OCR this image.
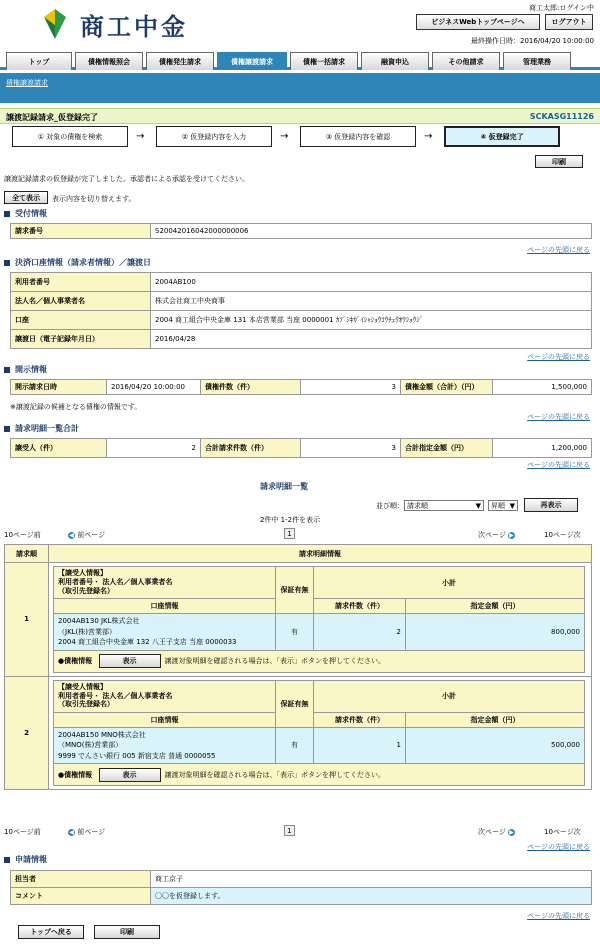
商工中金
商工太郎:ログイン中
ビジネスWebトップページへ	ログアウト
最終操作日時：2016/04/20 10:00:00
トップ	債権情報照会	債権発生請求	債権譲渡請求	債権一括請求	融資申込	その他請求	管理業務
債権譲渡請求
譲渡記録請求_仮登録完了	SCKASG11126
① 対象の債権を検索	→	② 仮登録内容を入力	→	③ 仮登録内容を確認	→	④ 仮登録完了
印刷
譲渡記録請求の仮登録が完了しました。承認者による承認を受けてください。
全て表示	表示内容を切り替えます。
受付情報
請求番号	S20042016042000000006
ページの先頭に戻る
決済口座情報（請求者情報）／譲渡日
利用者番号	2004AB100
法人名／個人事業者名	株式会社商工中央商事
口座	2004 商工組合中央金庫 131 本店営業部 当座 0000001 ｶﾌﾞｼｷｶﾞｲｼｬｼｮｳｺｳﾁｭｳｵｳｼｮｳｼﾞ
譲渡日（電子記録年月日）	2016/04/28
ページの先頭に戻る
開示情報
開示請求日時	2016/04/20 10:00:00	債権件数（件）	3	債権金額（合計）（円）	1,500,000
※譲渡記録の候補となる債権の情報です。
ページの先頭に戻る
請求明細一覧合計
譲受人（件）	2	合計請求件数（件）	3	合計指定金額（円）	1,200,000
ページの先頭に戻る
請求明細一覧
並び順： 請求順	▼ 昇順 ▼	再表示
2件中 1-2件を表示
10ページ前	◀ 前ページ	1	次ページ ▶	10ページ次
請求順	請求明細情報
1	
【譲受人情報】
利用者番号・ 法人名／個人事業者名
（取引先登録名）	保証有無	小計
口座情報	請求件数（件）	指定金額（円）
2004AB130 JKL株式会社
（JKL(株)営業部）
2004 商工組合中央金庫 132 八王子支店 当座 0000033	有	2	800,000
●債権情報	表示	譲渡対象明細を確認される場合は、「表示」ボタンを押してください。

2	
【譲受人情報】
利用者番号・ 法人名／個人事業者名
（取引先登録名）	保証有無	小計
口座情報	請求件数（件）	指定金額（円）
2004AB150 MNO株式会社
（MNO(株)営業部）
9999 でんさい銀行 005 新宿支店 普通 0000055	有	1	500,000
●債権情報	表示	譲渡対象明細を確認される場合は、「表示」ボタンを押してください。
10ページ前	◀ 前ページ	1	次ページ ▶	10ページ次
ページの先頭に戻る
申請情報
担当者	商工京子
コメント	〇〇を仮登録します。
ページの先頭に戻る
トップへ戻る	印刷
